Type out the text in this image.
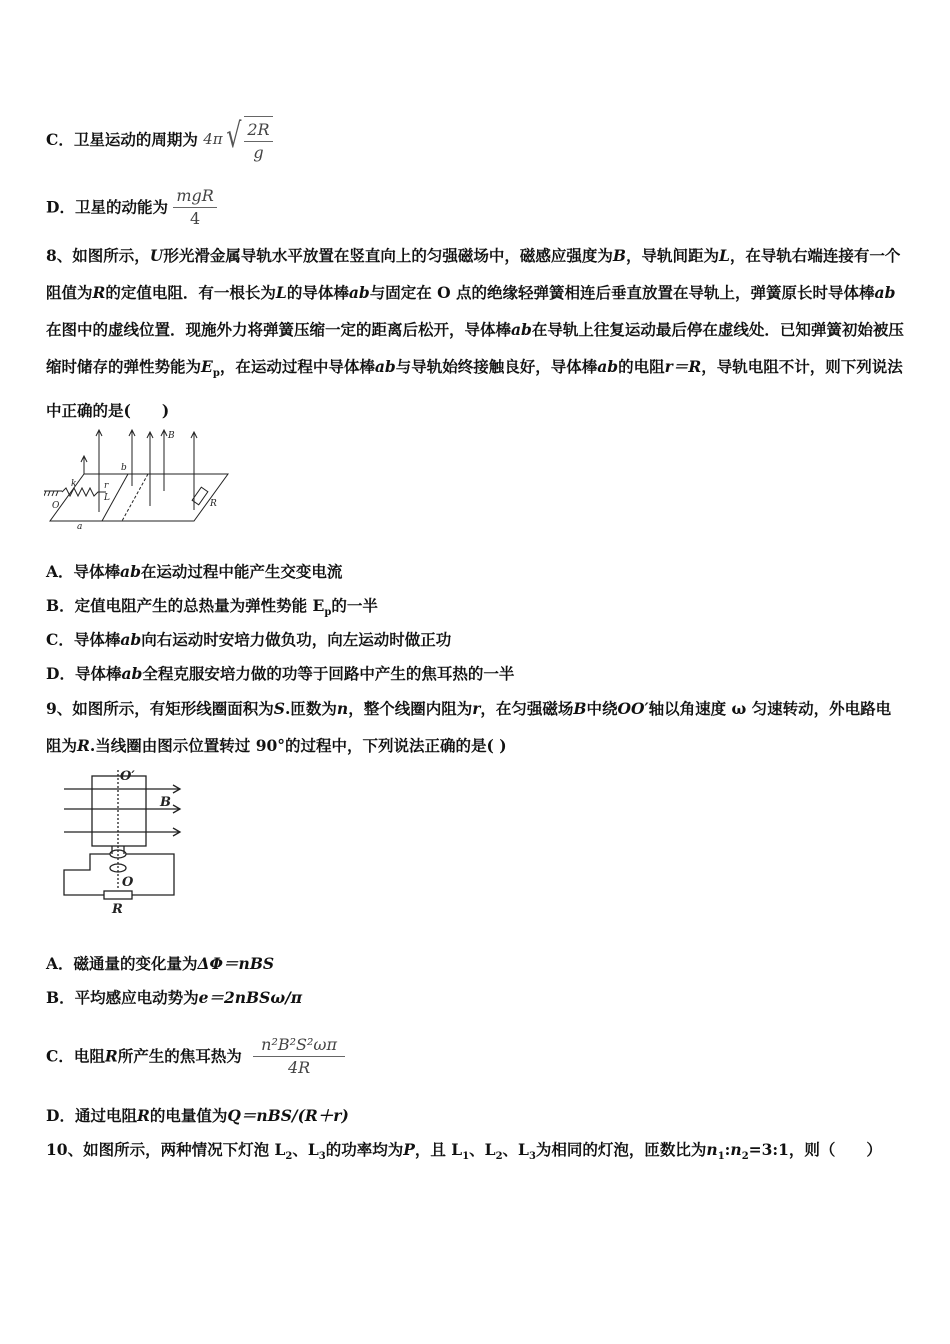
C．卫星运动的周期为 4π √ $\frac{2R}{g}$
D．卫星的动能为 $\frac{\text{mgR}}{4}$
8、如图所示，U形光滑金属导轨水平放置在竖直向上的匀强磁场中，磁感应强度为B，导轨间距为L，在导轨右端连接有一个阻值为R的定值电阻．有一根长为L的导体棒ab与固定在 O 点的绝缘轻弹簧相连后垂直放置在导轨上，弹簧原长时导体棒ab在图中的虚线位置．现施外力将弹簧压缩一定的距离后松开，导体棒ab在导轨上往复运动最后停在虚线处．已知弹簧初始被压缩时储存的弹性势能为$E_p$，在运动过程中导体棒ab与导轨始终接触良好，导体棒ab的电阻r＝R，导轨电阻不计，则下列说法中正确的是(　　)
B
b
k	r
L
O
a
R
A．导体棒ab在运动过程中能产生交变电流
B．定值电阻产生的总热量为弹性势能 $E_p$的一半
C．导体棒ab向右运动时安培力做负功，向左运动时做正功
D．导体棒ab全程克服安培力做的功等于回路中产生的焦耳热的一半
9、如图所示，有矩形线圈面积为S.匝数为n，整个线圈内阻为r，在匀强磁场B中绕OO′轴以角速度 ω 匀速转动，外电路电阻为R.当线圈由图示位置转过 90°的过程中，下列说法正确的是( )
O′
B
O
R
A．磁通量的变化量为ΔΦ＝nBS
B．平均感应电动势为e＝2nBSω/π
C．电阻R所产生的焦耳热为 $\frac{\text{n²B²S²ωπ}}{4R}$
D．通过电阻R的电量值为Q＝nBS/(R＋r)
10、如图所示，两种情况下灯泡 $L_2$、$L_3$的功率均为P，且 $L_1$、$L_2$、$L_3$为相同的灯泡，匝数比为$n_1:n_2=3:1$，则（　　）
